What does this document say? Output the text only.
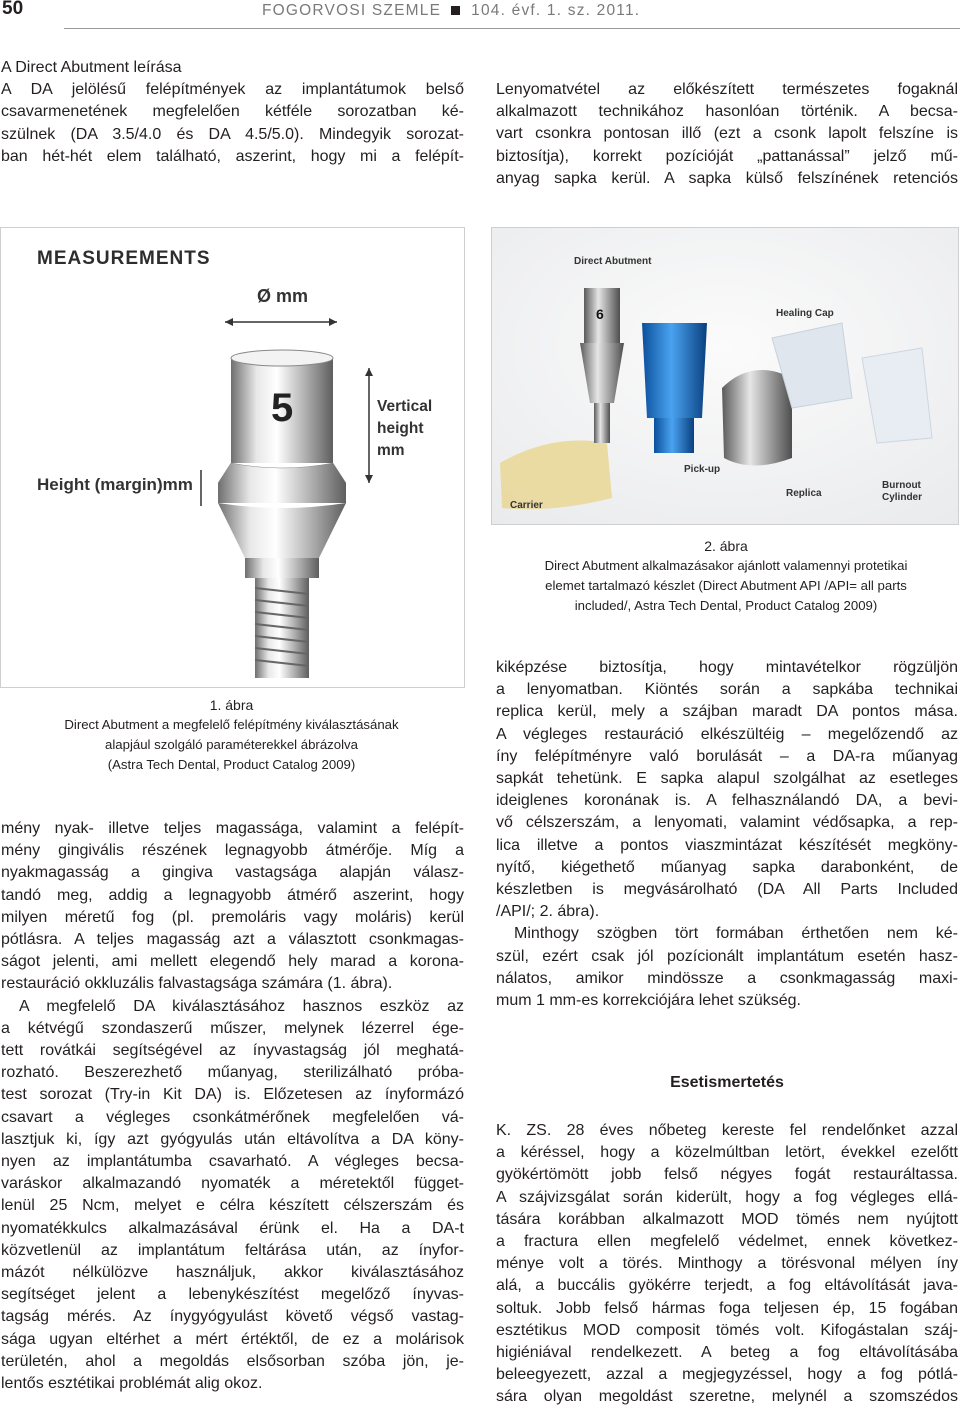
50	FOGORVOSI SZEMLE 104. évf. 1. sz. 2011.
A Direct Abutment leírása
A DA jelölésű felépítmények az implantátumok belső
csavarmenetének megfelelően kétféle sorozatban ké-
szülnek (DA 3.5/4.0 és DA 4.5/5.0). Mindegyik sorozat-
ban hét-hét elem található, aszerint, hogy mi a felépít-
Lenyomatvétel az előkészített természetes fogaknál
alkalmazott technikához hasonlóan történik. A becsa-
vart csonkra pontosan illő (ezt a csonk lapolt felszíne is
biztosítja), korrekt pozícióját „pattanással” jelző mű-
anyag sapka kerül. A sapka külső felszínének retenciós
MEASUREMENTS
Ø mm
5	Vertical
height
mm
Height (margin)mm
1. ábra
Direct Abutment a megfelelő felépítmény kiválasztásának
alapjául szolgáló paraméterekkel ábrázolva
(Astra Tech Dental, Product Catalog 2009)
Direct Abutment
Healing Cap
6
Pick-up
Replica
Carrier
Burnout
Cylinder
2. ábra
Direct Abutment alkalmazásakor ajánlott valamennyi protetikai
elemet tartalmazó készlet (Direct Abutment API /API= all parts
included/, Astra Tech Dental, Product Catalog 2009)
mény nyak- illetve teljes magassága, valamint a felépít-
mény gingivális részének legnagyobb átmérője. Míg a
nyakmagasság a gingiva vastagsága alapján válasz-
tandó meg, addig a legnagyobb átmérő aszerint, hogy
milyen méretű fog (pl. premoláris vagy moláris) kerül
pótlásra. A teljes magasság azt a választott csonkmagas-
ságot jelenti, ami mellett elegendő hely marad a korona-
restauráció okkluzális falvastagsága számára (1. ábra).
A megfelelő DA kiválasztásához hasznos eszköz az
a kétvégű szondaszerű műszer, melynek lézerrel ége-
tett rovátkái segítségével az ínyvastagság jól meghatá-
rozható. Beszerezhető műanyag, sterilizálható próba-
test sorozat (Try-in Kit DA) is. Előzetesen az ínyformázó
csavart a végleges csonkátmérőnek megfelelően vá-
lasztjuk ki, így azt gyógyulás után eltávolítva a DA köny-
nyen az implantátumba csavarható. A végleges becsa-
varáskor alkalmazandó nyomaték a méretektől függet-
lenül 25 Ncm, melyet e célra készített célszerszám és
nyomatékkulcs alkalmazásával érünk el. Ha a DA-t
közvetlenül az implantátum feltárása után, az ínyfor-
mázót nélkülözve használjuk, akkor kiválasztásához
segítséget jelent a lebenykészítést megelőző ínyvas-
tagság mérés. Az ínygyógyulást követő végső vastag-
sága ugyan eltérhet a mért értéktől, de ez a molárisok
területén, ahol a megoldás elsősorban szóba jön, je-
lentős esztétikai problémát alig okoz.
kiképzése biztosítja, hogy mintavételkor rögzüljön
a lenyomatban. Kiöntés során a sapkába technikai
replica kerül, mely a szájban maradt DA pontos mása.
A végleges restauráció elkészültéig – megelőzendő az
íny felépítményre való borulását – a DA-ra műanyag
sapkát tehetünk. E sapka alapul szolgálhat az esetleges
ideiglenes koronának is. A felhasználandó DA, a bevi-
vő célszerszám, a lenyomati, valamint védősapka, a rep-
lica illetve a pontos viaszmintázat készítését megköny-
nyítő, kiégethető műanyag sapka darabonként, de
készletben is megvásárolható (DA All Parts Included
/API/; 2. ábra).
Minthogy szögben tört formában érthetően nem ké-
szül, ezért csak jól pozícionált implantátum esetén hasz-
nálatos, amikor mindössze a csonkmagasság maxi-
mum 1 mm-es korrekciójára lehet szükség.
Esetismertetés
K. ZS. 28 éves nőbeteg kereste fel rendelőnket azzal
a kéréssel, hogy a közelmúltban letört, évekkel ezelőtt
gyökértömött jobb felső négyes fogát restauráltassa.
A szájvizsgálat során kiderült, hogy a fog végleges ellá-
tására korábban alkalmazott MOD tömés nem nyújtott
a fractura ellen megfelelő védelmet, ennek következ-
ménye volt a törés. Minthogy a törésvonal mélyen íny
alá, a buccális gyökérre terjedt, a fog eltávolítását java-
soltuk. Jobb felső hármas foga teljesen ép, 15 fogában
esztétikus MOD composit tömés volt. Kifogástalan száj-
higiéniával rendelkezett. A beteg a fog eltávolításába
beleegyezett, azzal a megjegyzéssel, hogy a fog pótlá-
sára olyan megoldást szeretne, melynél a szomszédos
